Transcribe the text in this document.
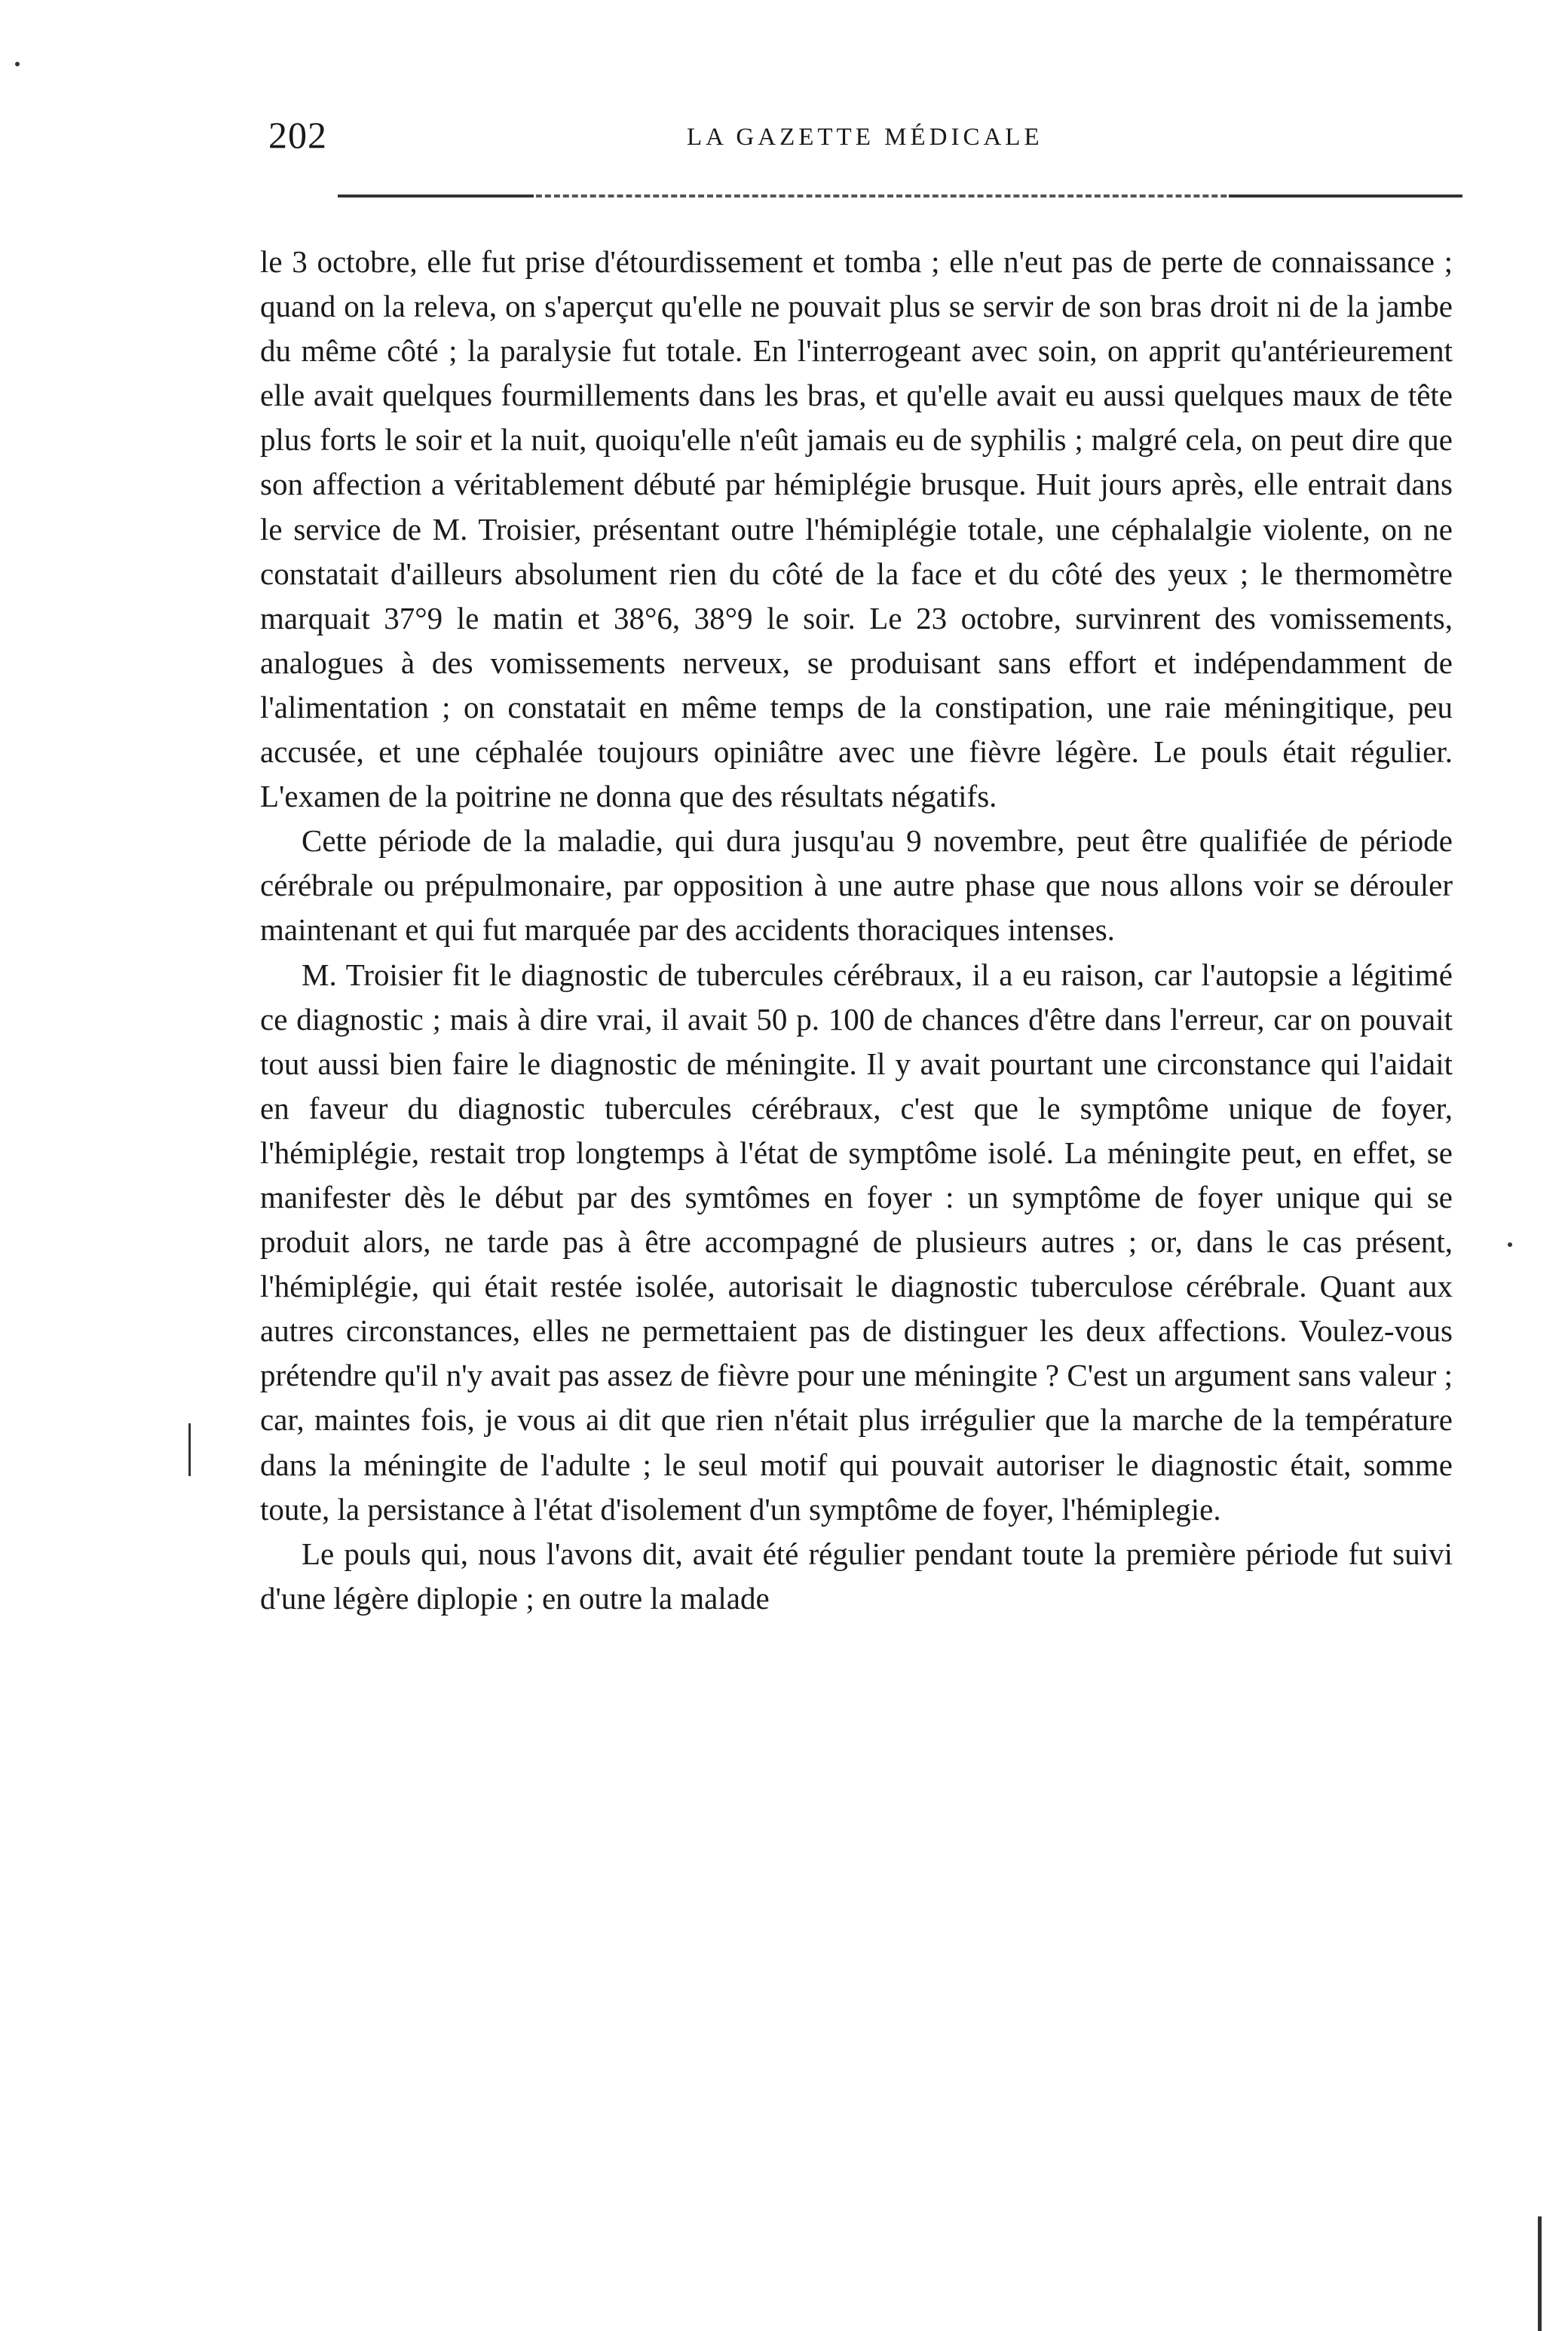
202	LA GAZETTE MÉDICALE

le 3 octobre, elle fut prise d'étourdissement et tomba ; elle n'eut pas de perte de connaissance ; quand on la releva, on s'aperçut qu'elle ne pouvait plus se servir de son bras droit ni de la jambe du même côté ; la paralysie fut totale. En l'interrogeant avec soin, on apprit qu'antérieurement elle avait quelques fourmillements dans les bras, et qu'elle avait eu aussi quelques maux de tête plus forts le soir et la nuit, quoiqu'elle n'eût jamais eu de syphilis ; malgré cela, on peut dire que son affection a véritablement débuté par hémiplégie brusque. Huit jours après, elle entrait dans le service de M. Troisier, présentant outre l'hémiplégie totale, une céphalalgie violente, on ne constatait d'ailleurs absolument rien du côté de la face et du côté des yeux ; le thermomètre marquait 37°9 le matin et 38°6, 38°9 le soir. Le 23 octobre, survinrent des vomissements, analogues à des vomissements nerveux, se produisant sans effort et indépendamment de l'alimentation ; on constatait en même temps de la constipation, une raie méningitique, peu accusée, et une céphalée toujours opiniâtre avec une fièvre légère. Le pouls était régulier. L'examen de la poitrine ne donna que des résultats négatifs.

Cette période de la maladie, qui dura jusqu'au 9 novembre, peut être qualifiée de période cérébrale ou prépulmonaire, par opposition à une autre phase que nous allons voir se dérouler maintenant et qui fut marquée par des accidents thoraciques intenses.

M. Troisier fit le diagnostic de tubercules cérébraux, il a eu raison, car l'autopsie a légitimé ce diagnostic ; mais à dire vrai, il avait 50 p. 100 de chances d'être dans l'erreur, car on pouvait tout aussi bien faire le diagnostic de méningite. Il y avait pourtant une circonstance qui l'aidait en faveur du diagnostic tubercules cérébraux, c'est que le symptôme unique de foyer, l'hémiplégie, restait trop longtemps à l'état de symptôme isolé. La méningite peut, en effet, se manifester dès le début par des symtômes en foyer : un symptôme de foyer unique qui se produit alors, ne tarde pas à être accompagné de plusieurs autres ; or, dans le cas présent, l'hémiplégie, qui était restée isolée, autorisait le diagnostic tuberculose cérébrale. Quant aux autres circonstances, elles ne permettaient pas de distinguer les deux affections. Voulez-vous prétendre qu'il n'y avait pas assez de fièvre pour une méningite ? C'est un argument sans valeur ; car, maintes fois, je vous ai dit que rien n'était plus irrégulier que la marche de la température dans la méningite de l'adulte ; le seul motif qui pouvait autoriser le diagnostic était, somme toute, la persistance à l'état d'isolement d'un symptôme de foyer, l'hémiplegie.

Le pouls qui, nous l'avons dit, avait été régulier pendant toute la première période fut suivi d'une légère diplopie ; en outre la malade
